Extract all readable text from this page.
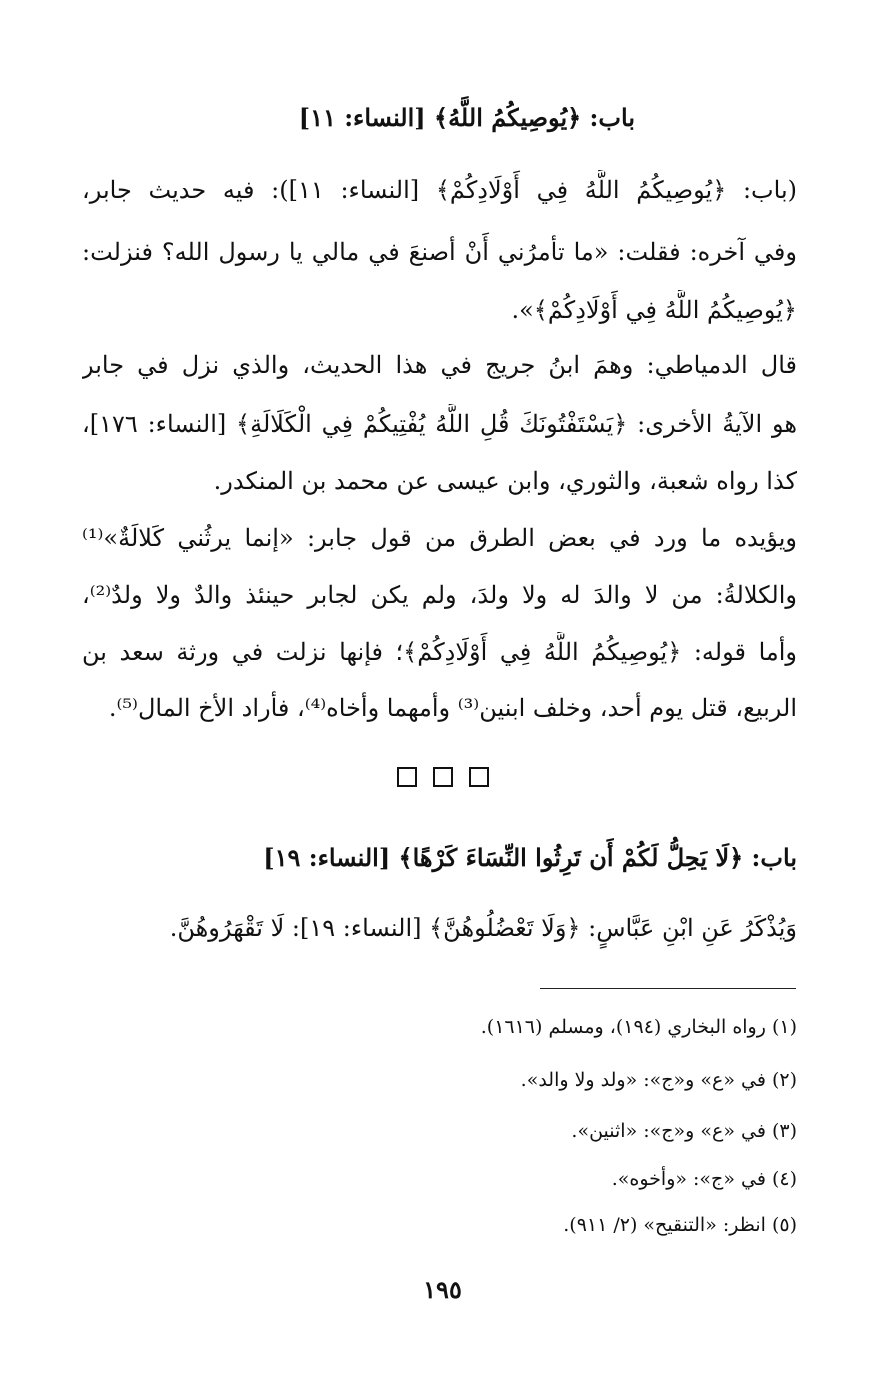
باب: ﴿يُوصِيكُمُ اللَّهُ﴾ [النساء: ١١]
(باب: ﴿يُوصِيكُمُ اللَّهُ فِي أَوْلَادِكُمْ﴾ [النساء: ١١]): فيه حديث جابر،
وفي آخره: فقلت: «ما تأمرُني أَنْ أصنعَ في مالي يا رسول الله؟ فنزلت:
﴿يُوصِيكُمُ اللَّهُ فِي أَوْلَادِكُمْ﴾».
قال الدمياطي: وهمَ ابنُ جريج في هذا الحديث، والذي نزل في جابر
هو الآيةُ الأخرى: ﴿يَسْتَفْتُونَكَ قُلِ اللَّهُ يُفْتِيكُمْ فِي الْكَلَالَةِ﴾ [النساء: ١٧٦]،
كذا رواه شعبة، والثوري، وابن عيسى عن محمد بن المنكدر.
ويؤيده ما ورد في بعض الطرق من قول جابر: «إنما يرثُني كَلالَةٌ»⁽¹⁾
والكلالةُ: من لا والدَ له ولا ولدَ، ولم يكن لجابر حينئذ والدٌ ولا ولدٌ⁽²⁾،
وأما قوله: ﴿يُوصِيكُمُ اللَّهُ فِي أَوْلَادِكُمْ﴾؛ فإنها نزلت في ورثة سعد بن
الربيع، قتل يوم أحد، وخلف ابنين⁽³⁾ وأمهما وأخاه⁽⁴⁾، فأراد الأخ المال⁽⁵⁾.
باب: ﴿لَا يَحِلُّ لَكُمْ أَن تَرِثُوا النِّسَاءَ كَرْهًا﴾ [النساء: ١٩]
وَيُذْكَرُ عَنِ ابْنِ عَبَّاسٍ: ﴿وَلَا تَعْضُلُوهُنَّ﴾ [النساء: ١٩]: لَا تَقْهَرُوهُنَّ.
(١) رواه البخاري (١٩٤)، ومسلم (١٦١٦).
(٢) في «ع» و«ج»: «ولد ولا والد».
(٣) في «ع» و«ج»: «اثنين».
(٤) في «ج»: «وأخوه».
(٥) انظر: «التنقيح» (٢/ ٩١١).
١٩٥
